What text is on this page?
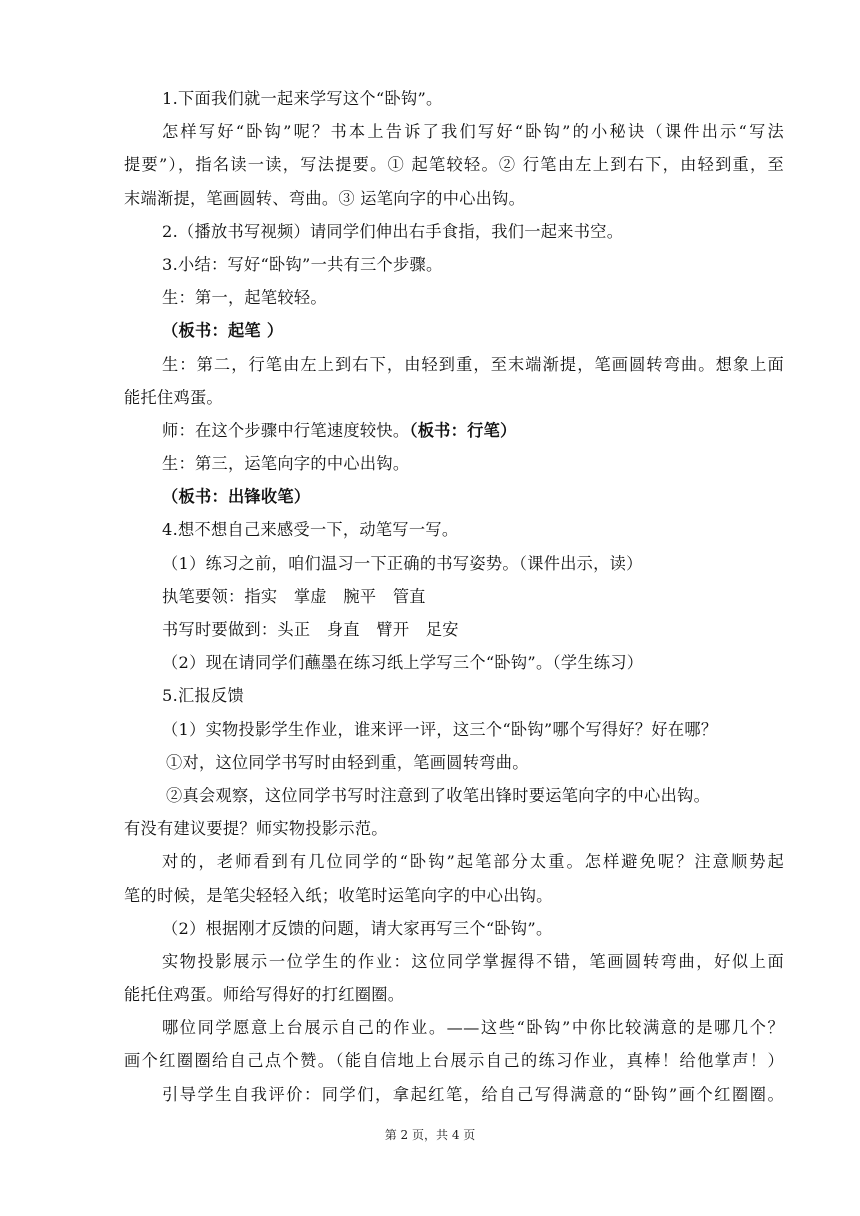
1.下面我们就一起来学写这个“卧钩”。
怎样写好“卧钩”呢？书本上告诉了我们写好“卧钩”的小秘诀（课件出示“写法
提要”），指名读一读，写法提要。① 起笔较轻。② 行笔由左上到右下，由轻到重，至
末端渐提，笔画圆转、弯曲。③ 运笔向字的中心出钩。
2.（播放书写视频）请同学们伸出右手食指，我们一起来书空。
3.小结：写好“卧钩”一共有三个步骤。
生：第一，起笔较轻。
（板书：起笔 ）
生：第二，行笔由左上到右下，由轻到重，至末端渐提，笔画圆转弯曲。想象上面
能托住鸡蛋。
师：在这个步骤中行笔速度较快。（板书：行笔）
生：第三，运笔向字的中心出钩。
（板书：出锋收笔）
4.想不想自己来感受一下，动笔写一写。
（1）练习之前，咱们温习一下正确的书写姿势。（课件出示，读）
执笔要领：指实　掌虚　腕平　管直
书写时要做到：头正　身直　臂开　足安
（2）现在请同学们蘸墨在练习纸上学写三个“卧钩”。（学生练习）
5.汇报反馈
（1）实物投影学生作业，谁来评一评，这三个“卧钩”哪个写得好？好在哪？
①对，这位同学书写时由轻到重，笔画圆转弯曲。
②真会观察，这位同学书写时注意到了收笔出锋时要运笔向字的中心出钩。
有没有建议要提？师实物投影示范。
对的，老师看到有几位同学的“卧钩”起笔部分太重。怎样避免呢？注意顺势起
笔的时候，是笔尖轻轻入纸；收笔时运笔向字的中心出钩。
（2）根据刚才反馈的问题，请大家再写三个“卧钩”。
实物投影展示一位学生的作业：这位同学掌握得不错，笔画圆转弯曲，好似上面
能托住鸡蛋。师给写得好的打红圈圈。
哪位同学愿意上台展示自己的作业。——这些“卧钩”中你比较满意的是哪几个？
画个红圈圈给自己点个赞。（能自信地上台展示自己的练习作业，真棒！给他掌声！）
引导学生自我评价：同学们，拿起红笔，给自己写得满意的“卧钩”画个红圈圈。
第 2 页，共 4 页
